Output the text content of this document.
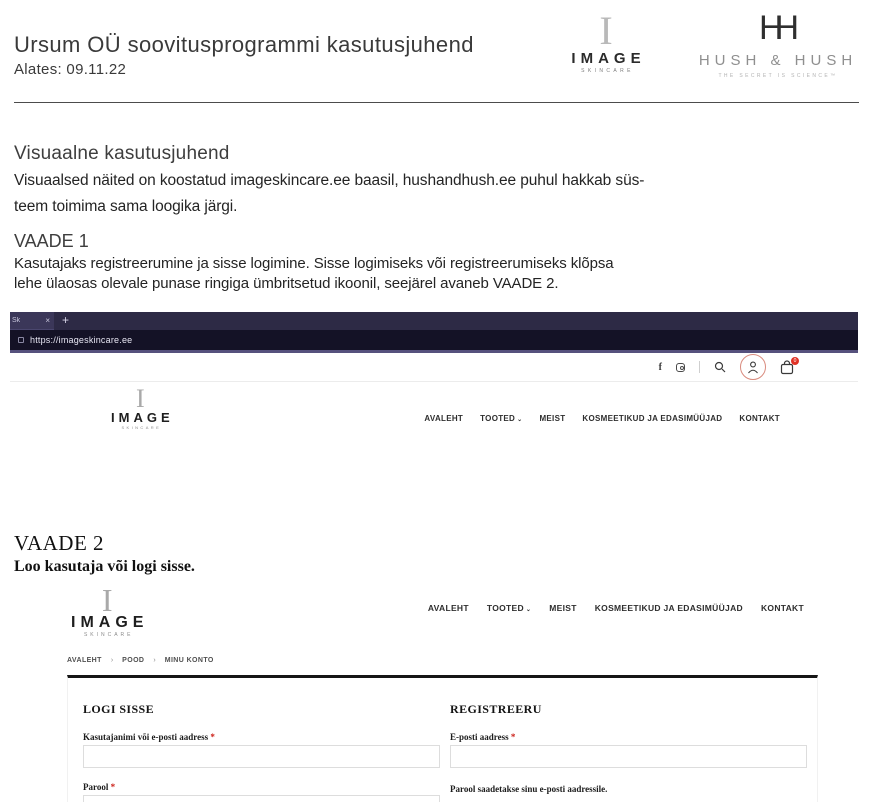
Ursum OÜ soovitusprogrammi kasutusjuhend
Alates: 09.11.22
I
IMAGE
SKINCARE
HH
HUSH & HUSH
THE SECRET IS SCIENCE™
Visuaalne kasutusjuhend
Visuaalsed näited on koostatud imageskincare.ee baasil, hushandhush.ee puhul hakkab süs-
teem toimima sama loogika järgi.
VAADE 1
Kasutajaks registreerumine ja sisse logimine. Sisse logimiseks või registreerumiseks klõpsa
lehe ülaosas olevale punase ringiga ümbritsetud ikoonil, seejärel avaneb VAADE 2.
Sk	×	+
https://imageskincare.ee
f
0
I
IMAGE
SKINCARE
AVALEHT TOOTED ⌄ MEIST KOSMEETIKUD JA EDASIMÜÜJAD KONTAKT
VAADE 2
Loo kasutaja või logi sisse.
I
IMAGE
SKINCARE
AVALEHT TOOTED ⌄ MEIST KOSMEETIKUD JA EDASIMÜÜJAD KONTAKT
AVALEHT › POOD › MINU KONTO
LOGI SISSE	REGISTREERU
Kasutajanimi või e-posti aadress *	E-posti aadress *
Parool *	Parool saadetakse sinu e-posti aadressile.
